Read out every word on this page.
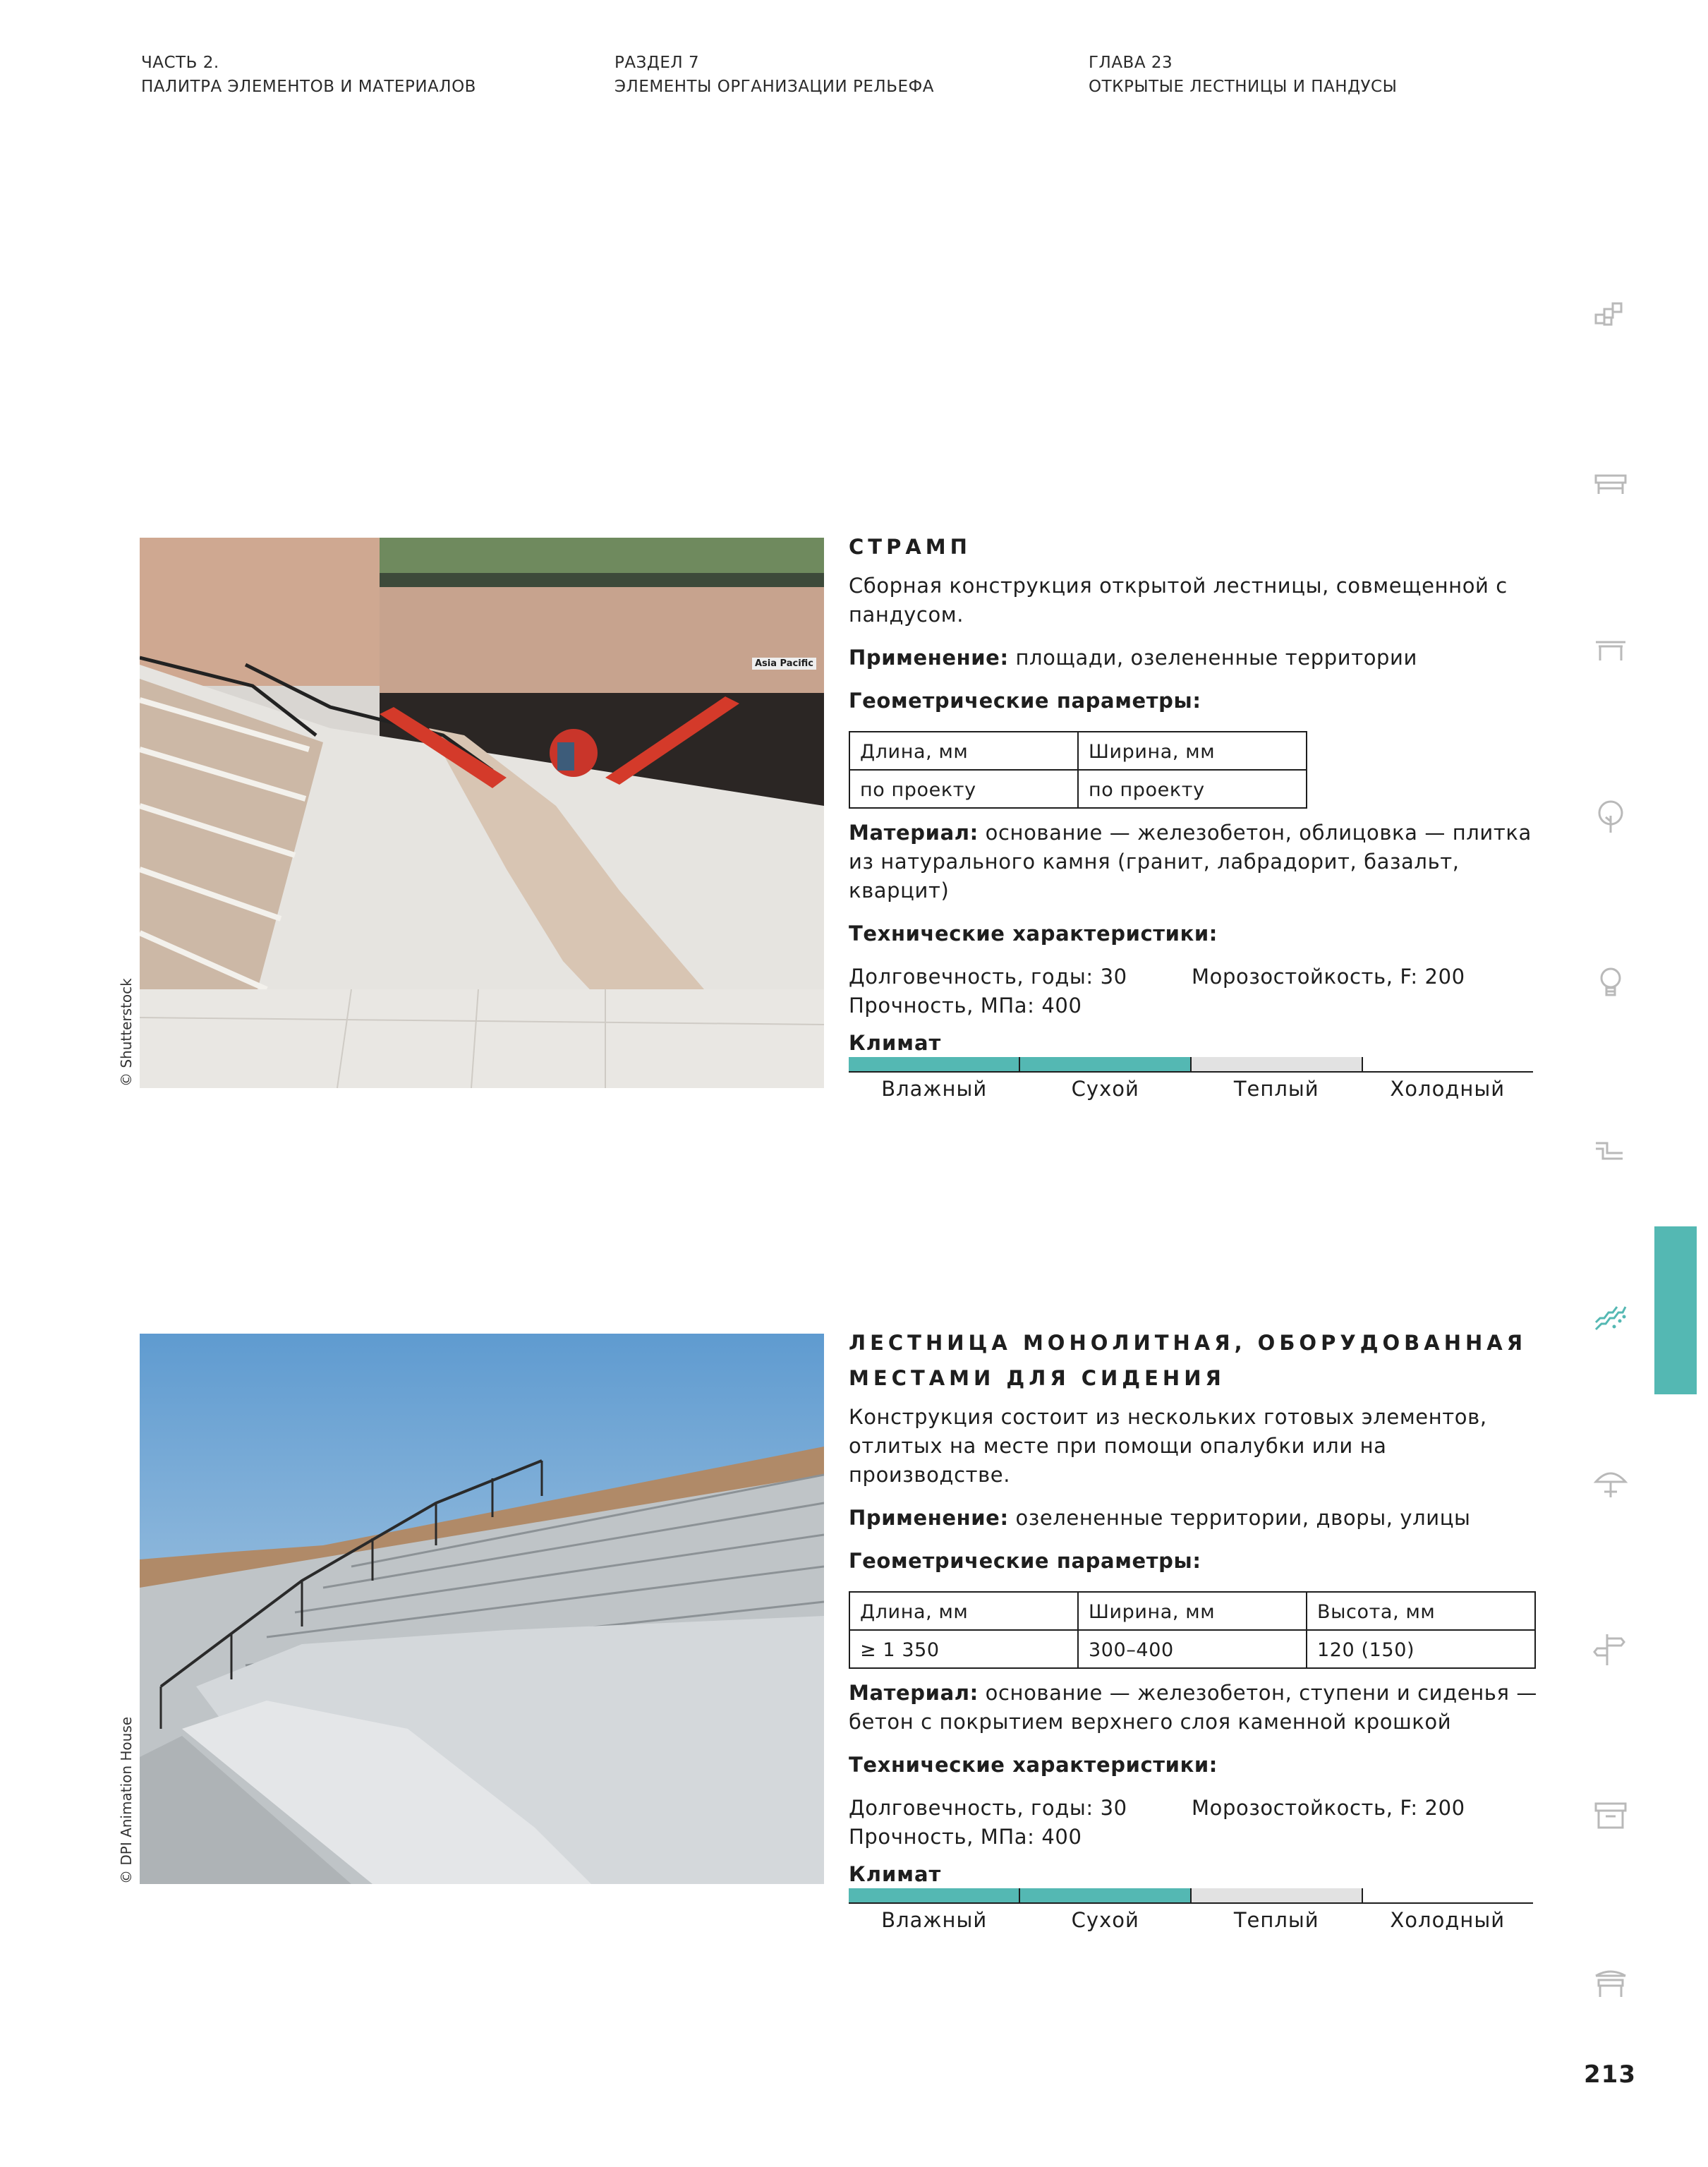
ЧАСТЬ 2.
ПАЛИТРА ЭЛЕМЕНТОВ И МАТЕРИАЛОВ
РАЗДЕЛ 7
ЭЛЕМЕНТЫ ОРГАНИЗАЦИИ РЕЛЬЕФА
ГЛАВА 23
ОТКРЫТЫЕ ЛЕСТНИЦЫ И ПАНДУСЫ
Asia Pacific
© Shutterstock
СТРАМП

Сборная конструкция открытой лестницы, совмещенной с пандусом.

Применение: площади, озелененные территории

Геометрические параметры:

Длина, мм	Ширина, мм
по проекту	по проекту

Материал: основание — железобетон, облицовка — плитка из натурального камня (гранит, лабрадорит, базальт, кварцит)

Технические характеристики:

Долговечность, годы: 30	Морозостойкость, F: 200
Прочность, МПа: 400
Климат
Влажный	Сухой	Теплый	Холодный
© DPI Animation House
ЛЕСТНИЦА МОНОЛИТНАЯ, ОБОРУДОВАННАЯ
МЕСТАМИ ДЛЯ СИДЕНИЯ

Конструкция состоит из нескольких готовых элементов, отлитых на месте при помощи опалубки или на производстве.

Применение: озелененные территории, дворы, улицы

Геометрические параметры:

Длина, мм	Ширина, мм	Высота, мм
≥ 1 350	300–400	120 (150)

Материал: основание — железобетон, ступени и сиденья — бетон с покрытием верхнего слоя каменной крошкой

Технические характеристики:

Долговечность, годы: 30	Морозостойкость, F: 200
Прочность, МПа: 400
Климат
Влажный	Сухой	Теплый	Холодный
213
